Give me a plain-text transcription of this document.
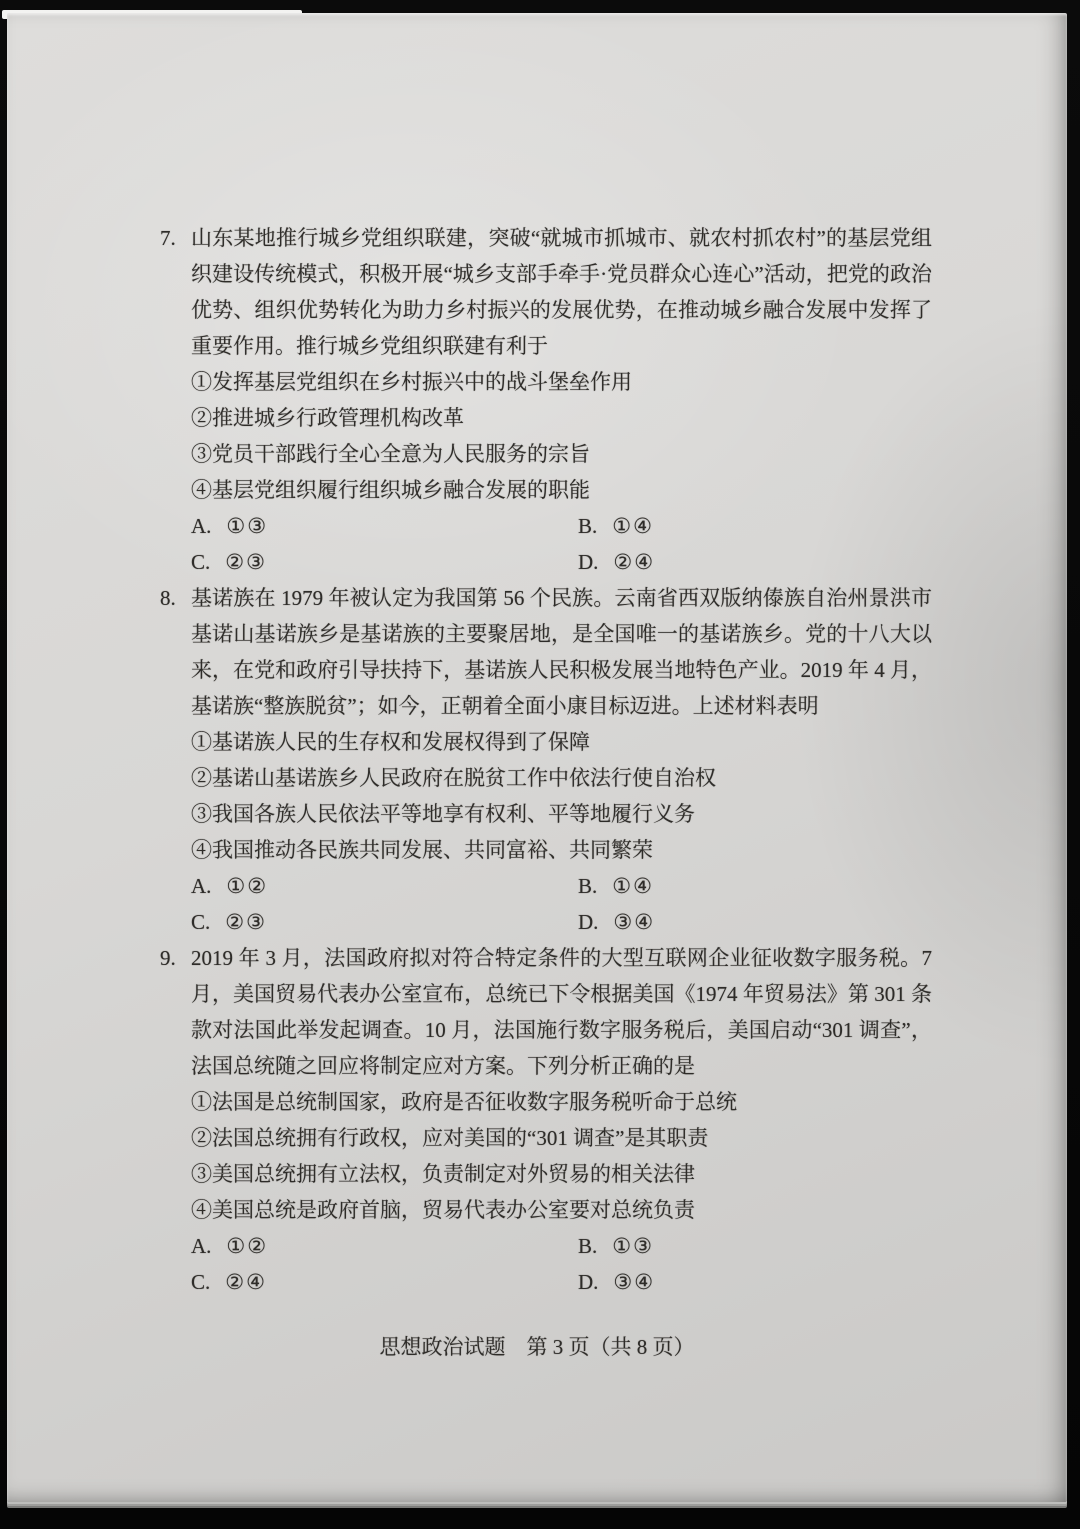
7. 山东某地推行城乡党组织联建，突破“就城市抓城市、就农村抓农村”的基层党组织建设传统模式，积极开展“城乡支部手牵手·党员群众心连心”活动，把党的政治优势、组织优势转化为助力乡村振兴的发展优势，在推动城乡融合发展中发挥了重要作用。推行城乡党组织联建有利于

①发挥基层党组织在乡村振兴中的战斗堡垒作用

②推进城乡行政管理机构改革

③党员干部践行全心全意为人民服务的宗旨

④基层党组织履行组织城乡融合发展的职能

A. ①③	B. ①④
C. ②③	D. ②④
8. 基诺族在 1979 年被认定为我国第 56 个民族。云南省西双版纳傣族自治州景洪市基诺山基诺族乡是基诺族的主要聚居地，是全国唯一的基诺族乡。党的十八大以来，在党和政府引导扶持下，基诺族人民积极发展当地特色产业。2019 年 4 月，基诺族“整族脱贫”；如今，正朝着全面小康目标迈进。上述材料表明

①基诺族人民的生存权和发展权得到了保障

②基诺山基诺族乡人民政府在脱贫工作中依法行使自治权

③我国各族人民依法平等地享有权利、平等地履行义务

④我国推动各民族共同发展、共同富裕、共同繁荣

A. ①②	B. ①④
C. ②③	D. ③④
9. 2019 年 3 月，法国政府拟对符合特定条件的大型互联网企业征收数字服务税。7 月，美国贸易代表办公室宣布，总统已下令根据美国《1974 年贸易法》第 301 条款对法国此举发起调查。10 月，法国施行数字服务税后，美国启动“301 调查”，法国总统随之回应将制定应对方案。下列分析正确的是

①法国是总统制国家，政府是否征收数字服务税听命于总统

②法国总统拥有行政权，应对美国的“301 调查”是其职责

③美国总统拥有立法权，负责制定对外贸易的相关法律

④美国总统是政府首脑，贸易代表办公室要对总统负责

A. ①②	B. ①③
C. ②④	D. ③④
思想政治试题　第 3 页（共 8 页）
